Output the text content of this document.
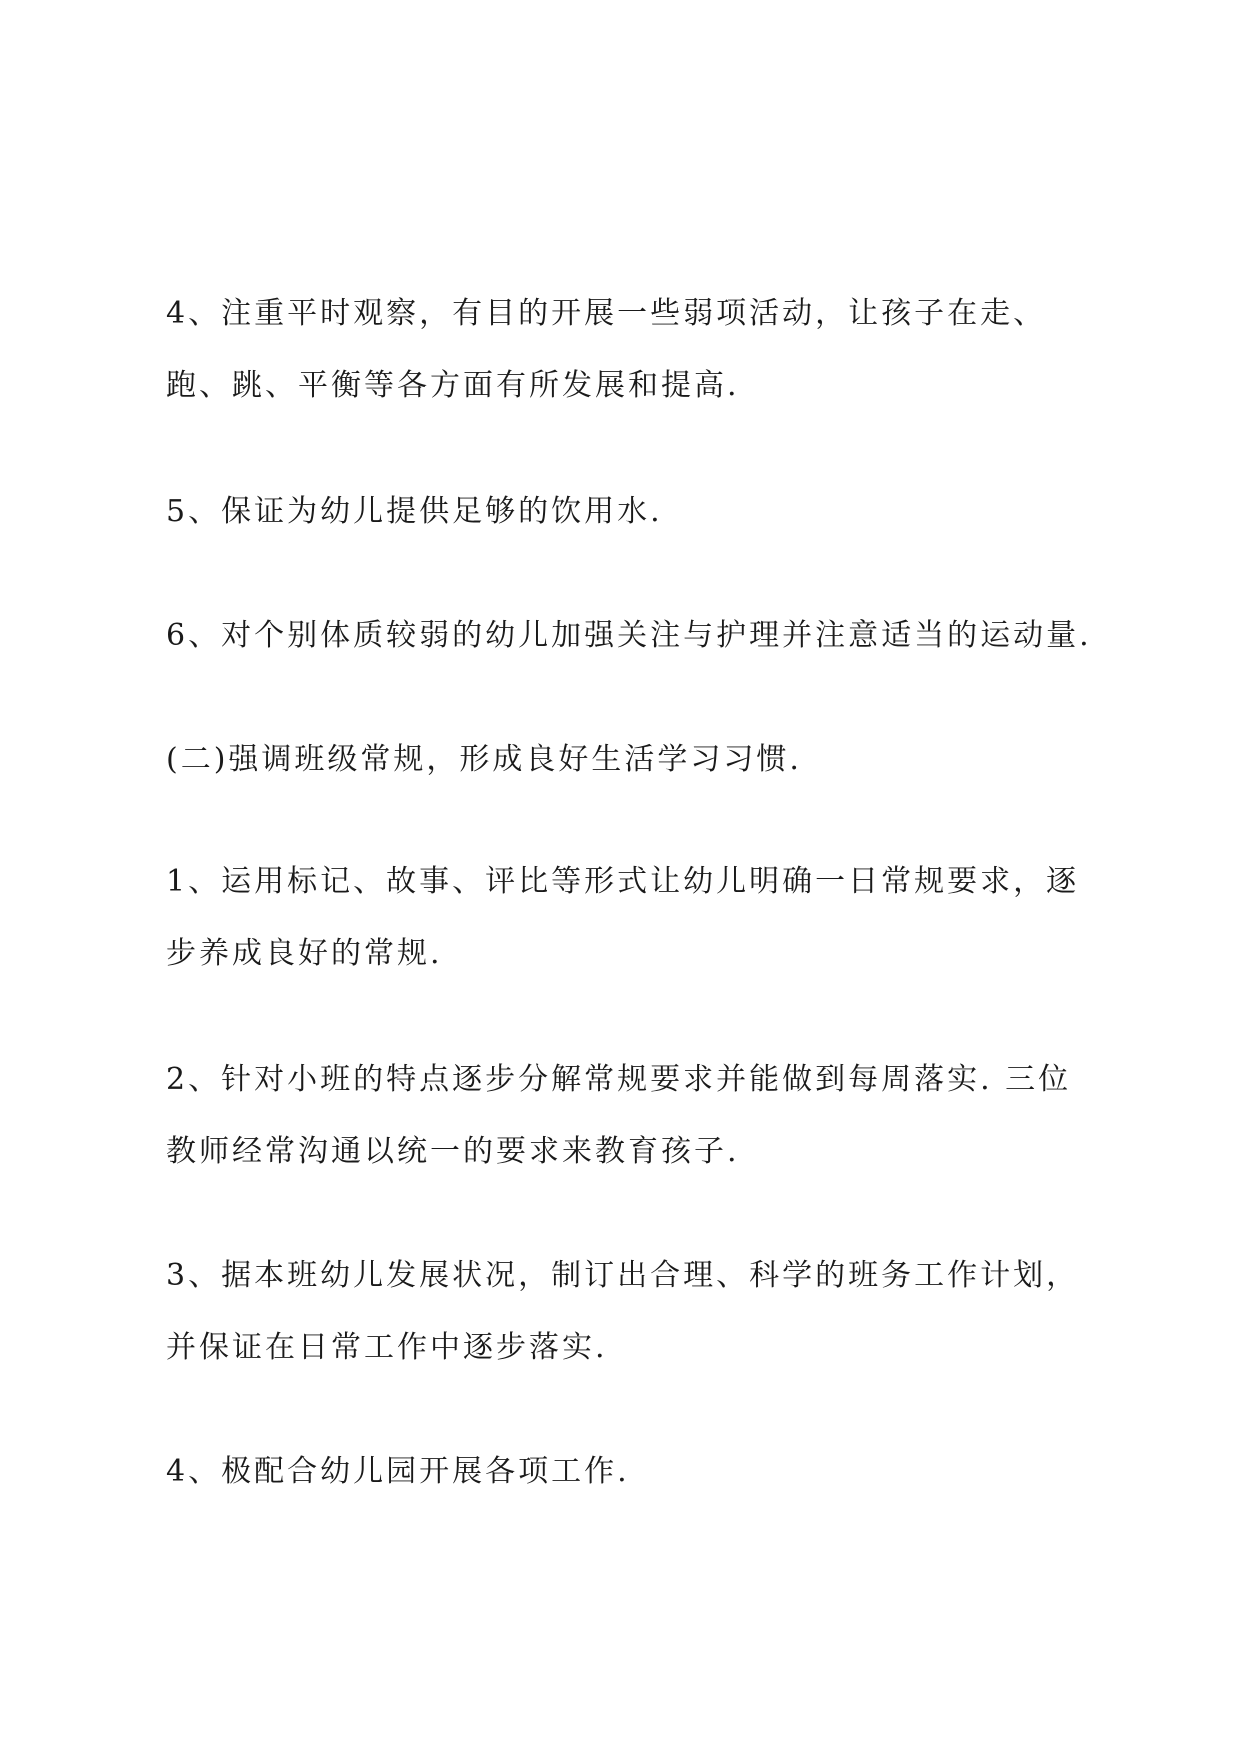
4、注重平时观察，有目的开展一些弱项活动，让孩子在走、
跑、跳、平衡等各方面有所发展和提高.
5、保证为幼儿提供足够的饮用水.
6、对个别体质较弱的幼儿加强关注与护理并注意适当的运动量.
(二)强调班级常规，形成良好生活学习习惯.
1、运用标记、故事、评比等形式让幼儿明确一日常规要求，逐
步养成良好的常规.
2、针对小班的特点逐步分解常规要求并能做到每周落实. 三位
教师经常沟通以统一的要求来教育孩子.
3、据本班幼儿发展状况，制订出合理、科学的班务工作计划，
并保证在日常工作中逐步落实.
4、极配合幼儿园开展各项工作.
